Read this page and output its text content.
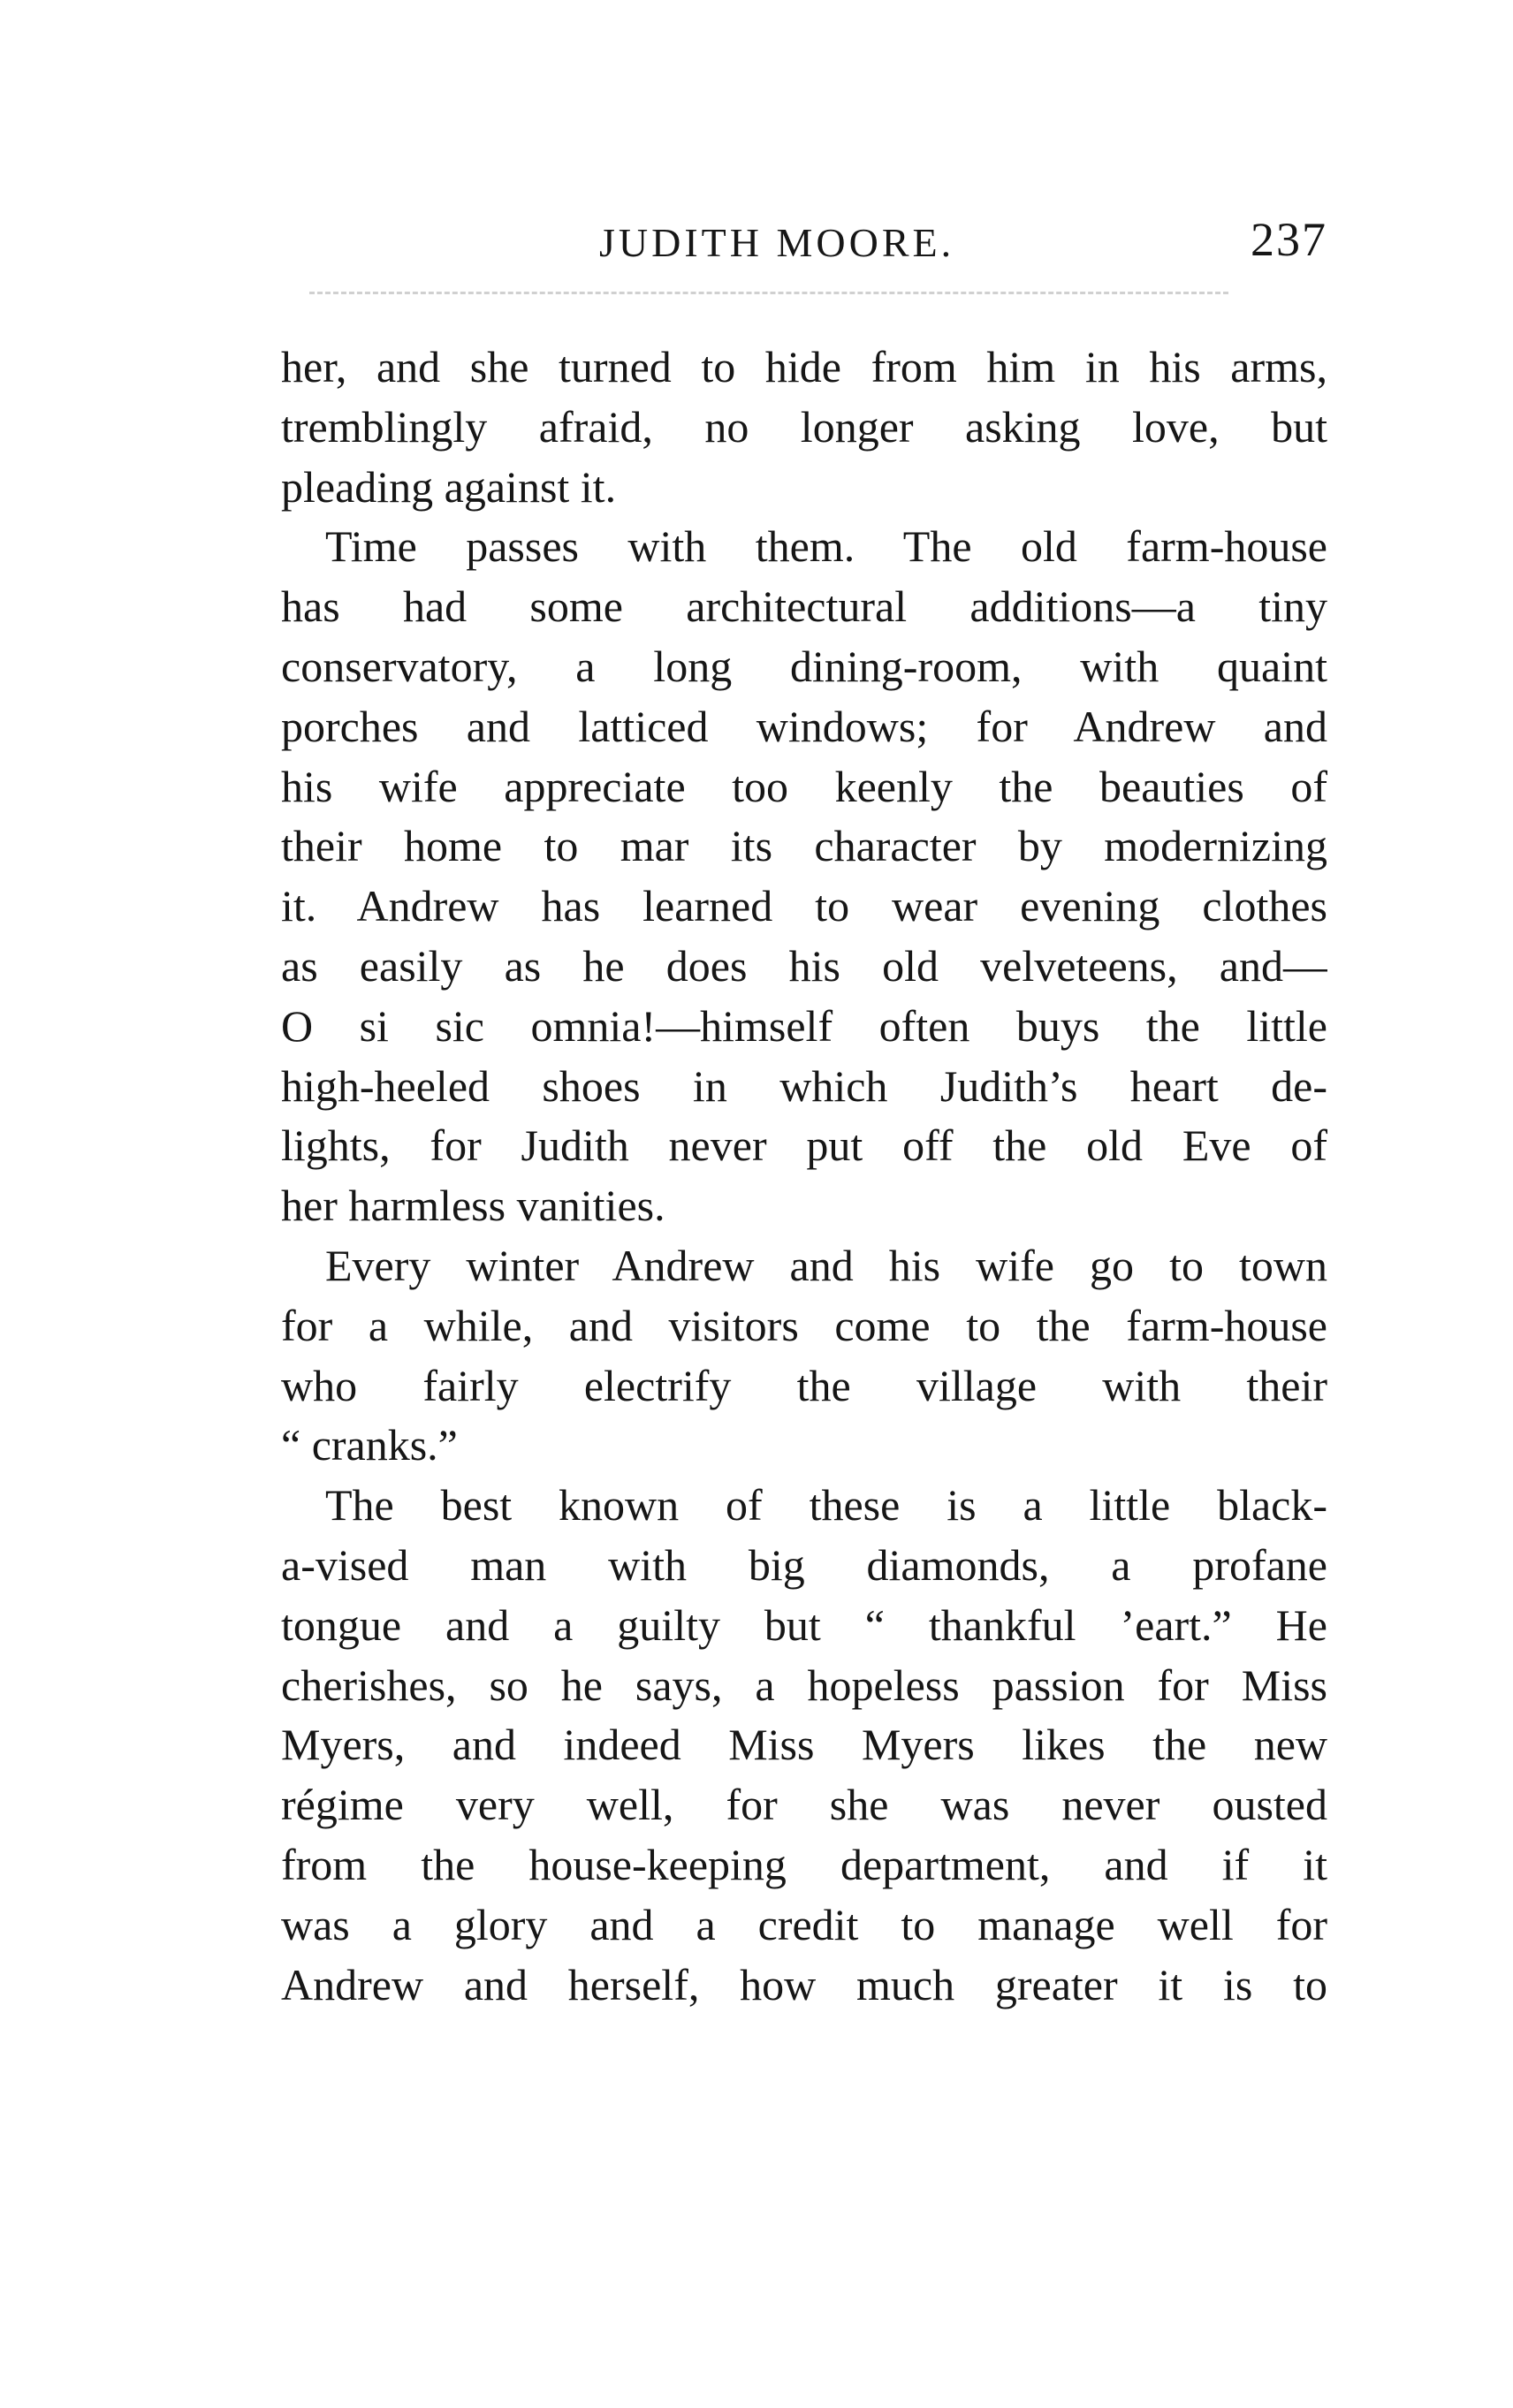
JUDITH MOORE.	237
her, and she turned to hide from him in his arms,
tremblingly afraid, no longer asking love, but
pleading against it.
Time passes with them. The old farm-house
has had some architectural additions—a tiny
conservatory, a long dining-room, with quaint
porches and latticed windows; for Andrew and
his wife appreciate too keenly the beauties of
their home to mar its character by modernizing
it. Andrew has learned to wear evening clothes
as easily as he does his old velveteens, and—
O si sic omnia!—himself often buys the little
high-heeled shoes in which Judith’s heart de-
lights, for Judith never put off the old Eve of
her harmless vanities.
Every winter Andrew and his wife go to town
for a while, and visitors come to the farm-house
who fairly electrify the village with their
“ cranks.”
The best known of these is a little black-
a-vised man with big diamonds, a profane
tongue and a guilty but “ thankful ’eart.” He
cherishes, so he says, a hopeless passion for Miss
Myers, and indeed Miss Myers likes the new
régime very well, for she was never ousted
from the house-keeping department, and if it
was a glory and a credit to manage well for
Andrew and herself, how much greater it is to
